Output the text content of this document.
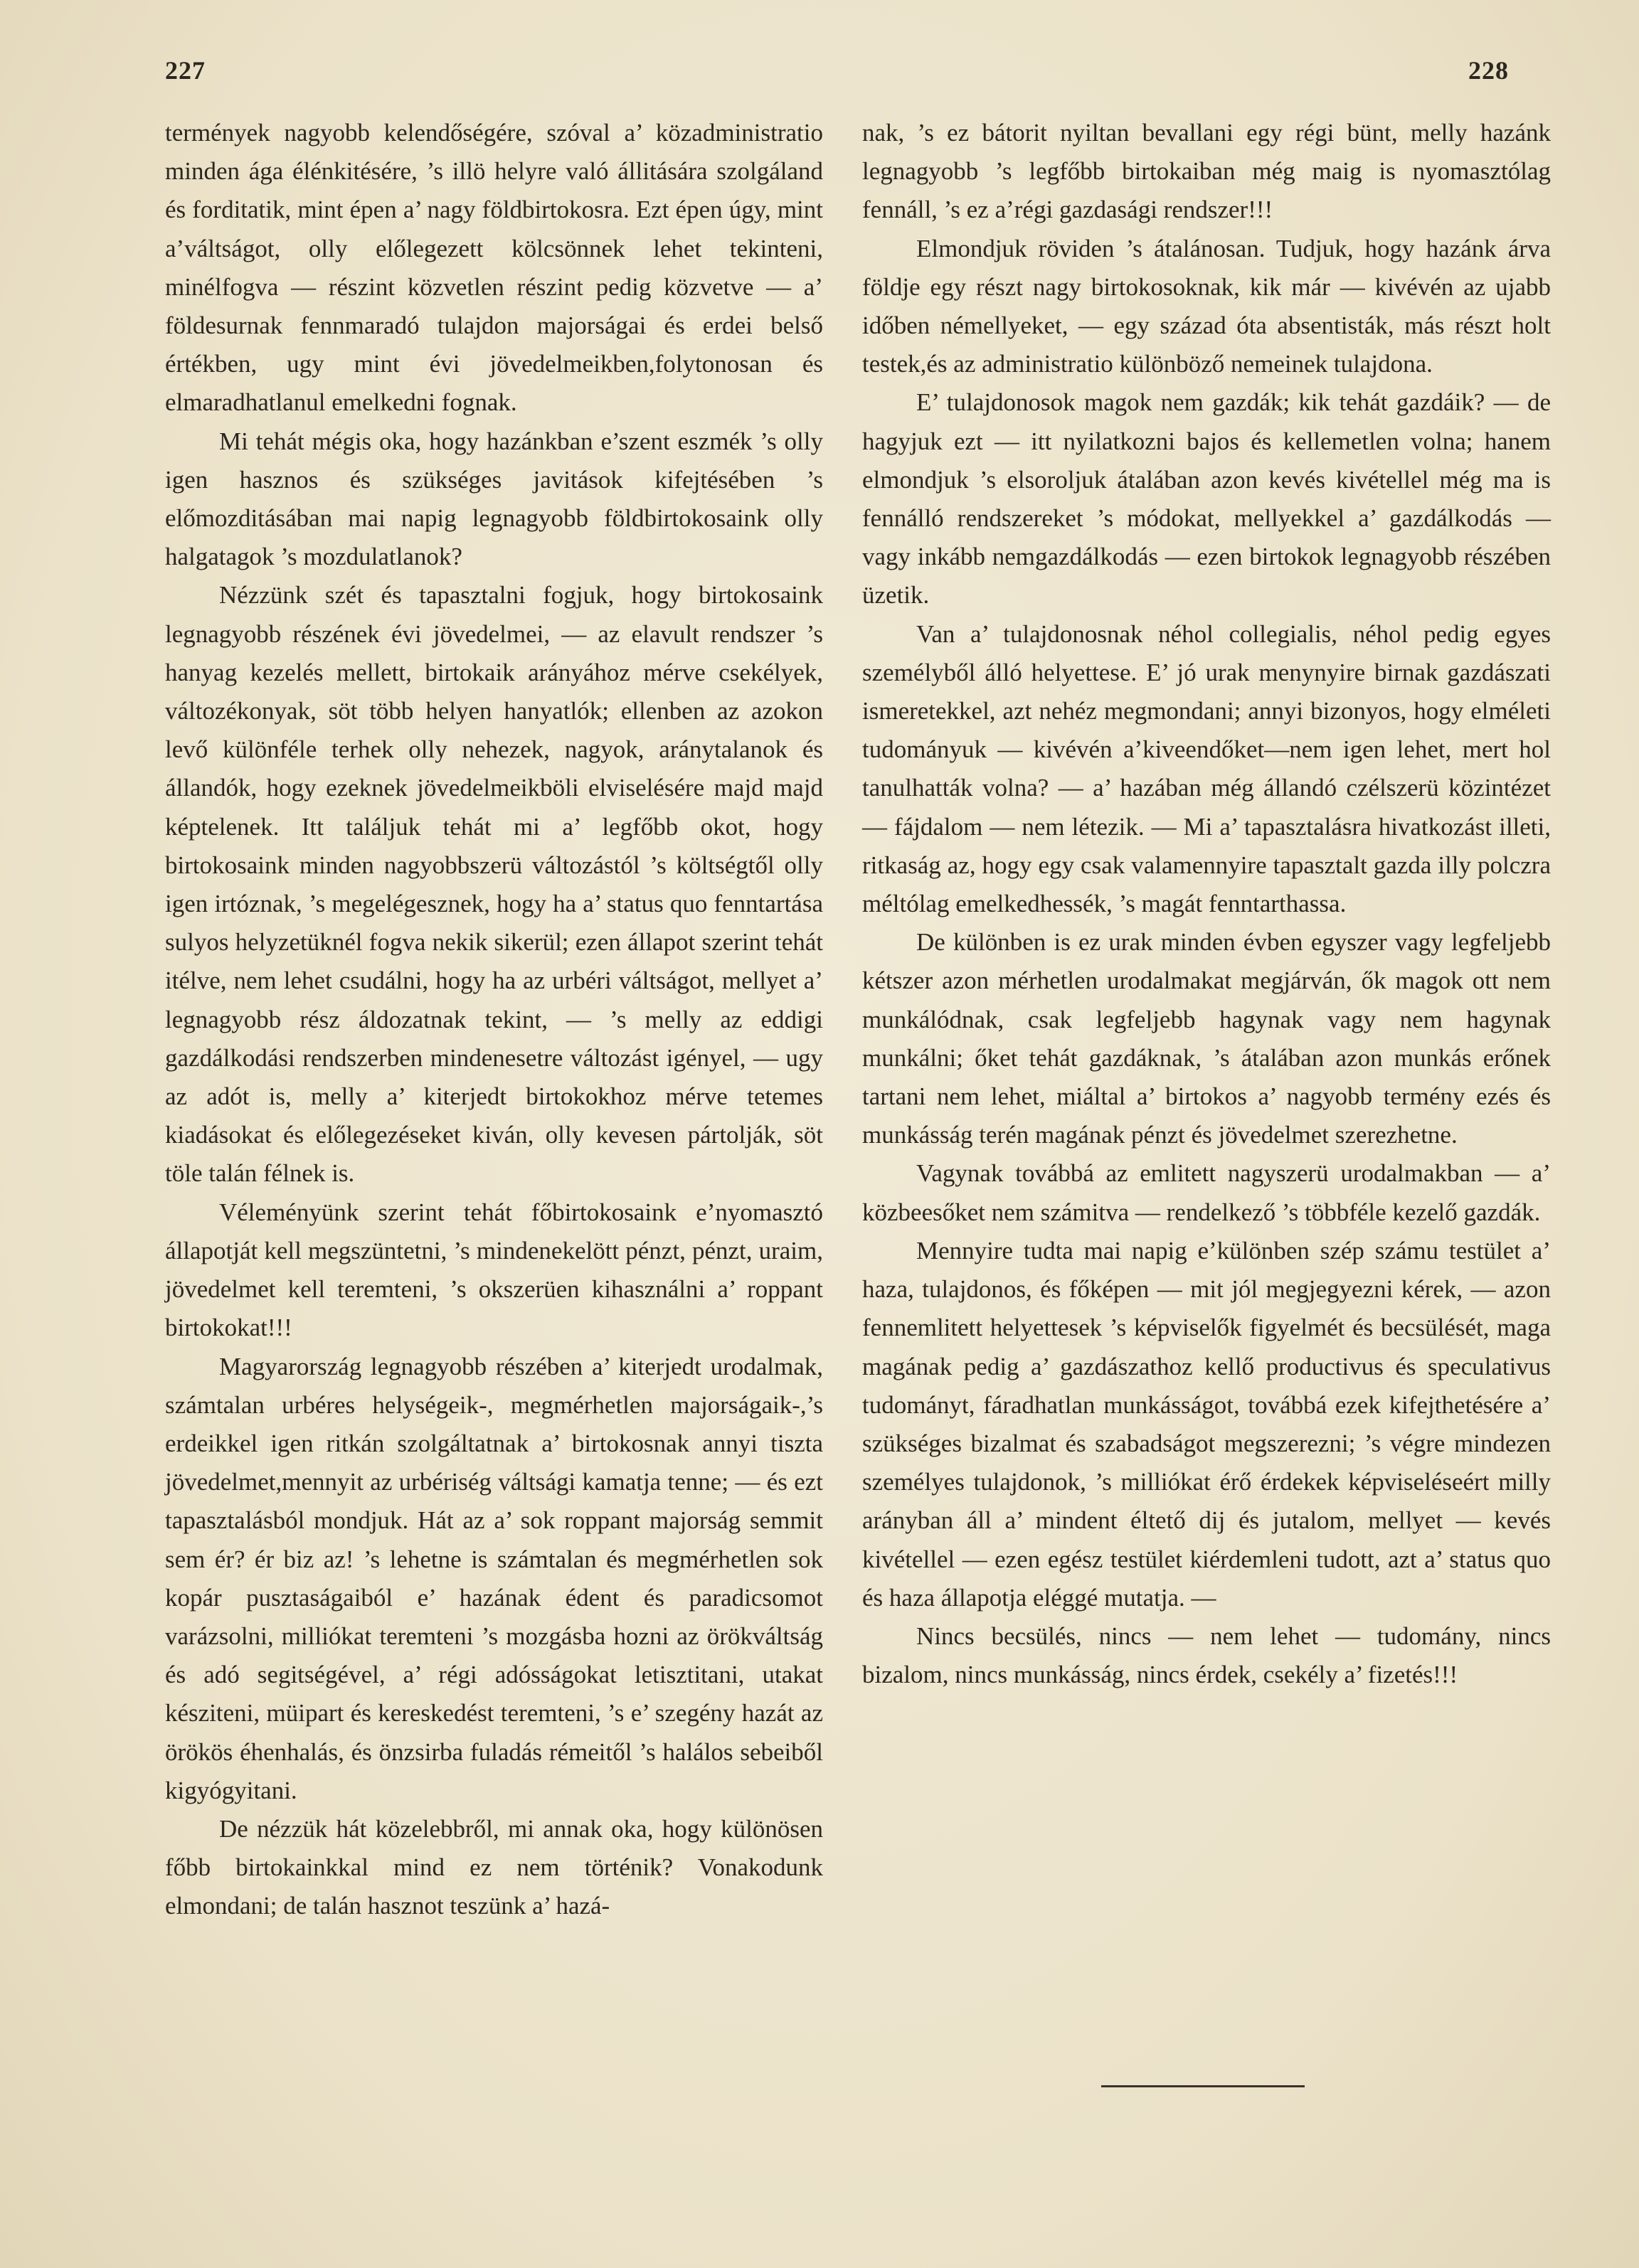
227	228

termények nagyobb kelendőségére, szóval a’ közadministratio minden ága élénkitésére, ’s illö helyre való állitására szolgáland és forditatik, mint épen a’ nagy földbirtokosra. Ezt épen úgy, mint a’váltságot, olly előlegezett kölcsönnek lehet tekinteni, minélfogva — részint közvetlen részint pedig közvetve — a’ földesurnak fennmaradó tulajdon majorságai és erdei belső értékben, ugy mint évi jövedelmeikben,folytonosan és elmaradhatlanul emelkedni fognak.

Mi tehát mégis oka, hogy hazánkban e’szent eszmék ’s olly igen hasznos és szükséges javitások kifejtésében ’s előmozditásában mai napig legnagyobb földbirtokosaink olly halgatagok ’s mozdulatlanok?

Nézzünk szét és tapasztalni fogjuk, hogy birtokosaink legnagyobb részének évi jövedelmei, — az elavult rendszer ’s hanyag kezelés mellett, birtokaik arányához mérve csekélyek, változékonyak, söt több helyen hanyatlók; ellenben az azokon levő különféle terhek olly nehezek, nagyok, aránytalanok és állandók, hogy ezeknek jövedelmeikböli elviselésére majd majd képtelenek. Itt találjuk tehát mi a’ legfőbb okot, hogy birtokosaink minden nagyobbszerü változástól ’s költségtől olly igen irtóznak, ’s megelégesznek, hogy ha a’ status quo fenntartása sulyos helyzetüknél fogva nekik sikerül; ezen állapot szerint tehát itélve, nem lehet csudálni, hogy ha az urbéri váltságot, mellyet a’ legnagyobb rész áldozatnak tekint, — ’s melly az eddigi gazdálkodási rendszerben mindenesetre változást igényel, — ugy az adót is, melly a’ kiterjedt birtokokhoz mérve tetemes kiadásokat és előlegezéseket kiván, olly kevesen pártolják, söt töle talán félnek is.

Véleményünk szerint tehát főbirtokosaink e’nyomasztó állapotját kell megszüntetni, ’s mindenekelött pénzt, pénzt, uraim, jövedelmet kell teremteni, ’s okszerüen kihasználni a’ roppant birtokokat!!!

Magyarország legnagyobb részében a’ kiterjedt urodalmak, számtalan urbéres helységeik-, megmérhetlen majorságaik-,’s erdeikkel igen ritkán szolgáltatnak a’ birtokosnak annyi tiszta jövedelmet,mennyit az urbériség váltsági kamatja tenne; — és ezt tapasztalásból mondjuk. Hát az a’ sok roppant majorság semmit sem ér? ér biz az! ’s lehetne is számtalan és megmérhetlen sok kopár pusztaságaiból e’ hazának édent és paradicsomot varázsolni, milliókat teremteni ’s mozgásba hozni az örökváltság és adó segitségével, a’ régi adósságokat letisztitani, utakat késziteni, müipart és kereskedést teremteni, ’s e’ szegény hazát az örökös éhenhalás, és önzsirba fuladás rémeitől ’s halálos sebeiből kigyógyitani.

De nézzük hát közelebbről, mi annak oka, hogy különösen főbb birtokainkkal mind ez nem történik? Vonakodunk elmondani; de talán hasznot teszünk a’ hazá-

nak, ’s ez bátorit nyiltan bevallani egy régi bünt, melly hazánk legnagyobb ’s legfőbb birtokaiban még maig is nyomasztólag fennáll, ’s ez a’régi gazdasági rendszer!!!

Elmondjuk röviden ’s átalánosan. Tudjuk, hogy hazánk árva földje egy részt nagy birtokosoknak, kik már — kivévén az ujabb időben némellyeket, — egy század óta absentisták, más részt holt testek,és az administratio különböző nemeinek tulajdona.

E’ tulajdonosok magok nem gazdák; kik tehát gazdáik? — de hagyjuk ezt — itt nyilatkozni bajos és kellemetlen volna; hanem elmondjuk ’s elsoroljuk átalában azon kevés kivétellel még ma is fennálló rendszereket ’s módokat, mellyekkel a’ gazdálkodás — vagy inkább nemgazdálkodás — ezen birtokok legnagyobb részében üzetik.

Van a’ tulajdonosnak néhol collegialis, néhol pedig egyes személyből álló helyettese. E’ jó urak menynyire birnak gazdászati ismeretekkel, azt nehéz megmondani; annyi bizonyos, hogy elméleti tudományuk — kivévén a’kiveendőket—nem igen lehet, mert hol tanulhatták volna? — a’ hazában még állandó czélszerü közintézet — fájdalom — nem létezik. — Mi a’ tapasztalásra hivatkozást illeti, ritkaság az, hogy egy csak valamennyire tapasztalt gazda illy polczra méltólag emelkedhessék, ’s magát fenntarthassa.

De különben is ez urak minden évben egyszer vagy legfeljebb kétszer azon mérhetlen urodalmakat megjárván, ők magok ott nem munkálódnak, csak legfeljebb hagynak vagy nem hagynak munkálni; őket tehát gazdáknak, ’s átalában azon munkás erőnek tartani nem lehet, miáltal a’ birtokos a’ nagyobb termény ezés és munkásság terén magának pénzt és jövedelmet szerezhetne.

Vagynak továbbá az emlitett nagyszerü urodalmakban — a’ közbeesőket nem számitva — rendelkező ’s többféle kezelő gazdák.

Mennyire tudta mai napig e’különben szép számu testület a’ haza, tulajdonos, és főképen — mit jól megjegyezni kérek, — azon fennemlitett helyettesek ’s képviselők figyelmét és becsülését, maga magának pedig a’ gazdászathoz kellő productivus és speculativus tudományt, fáradhatlan munkásságot, továbbá ezek kifejthetésére a’ szükséges bizalmat és szabadságot megszerezni; ’s végre mindezen személyes tulajdonok, ’s milliókat érő érdekek képviseléseért milly arányban áll a’ mindent éltető dij és jutalom, mellyet — kevés kivétellel — ezen egész testület kiérdemleni tudott, azt a’ status quo és haza állapotja eléggé mutatja. —

Nincs becsülés, nincs — nem lehet — tudomány, nincs bizalom, nincs munkásság, nincs érdek, csekély a’ fizetés!!!
